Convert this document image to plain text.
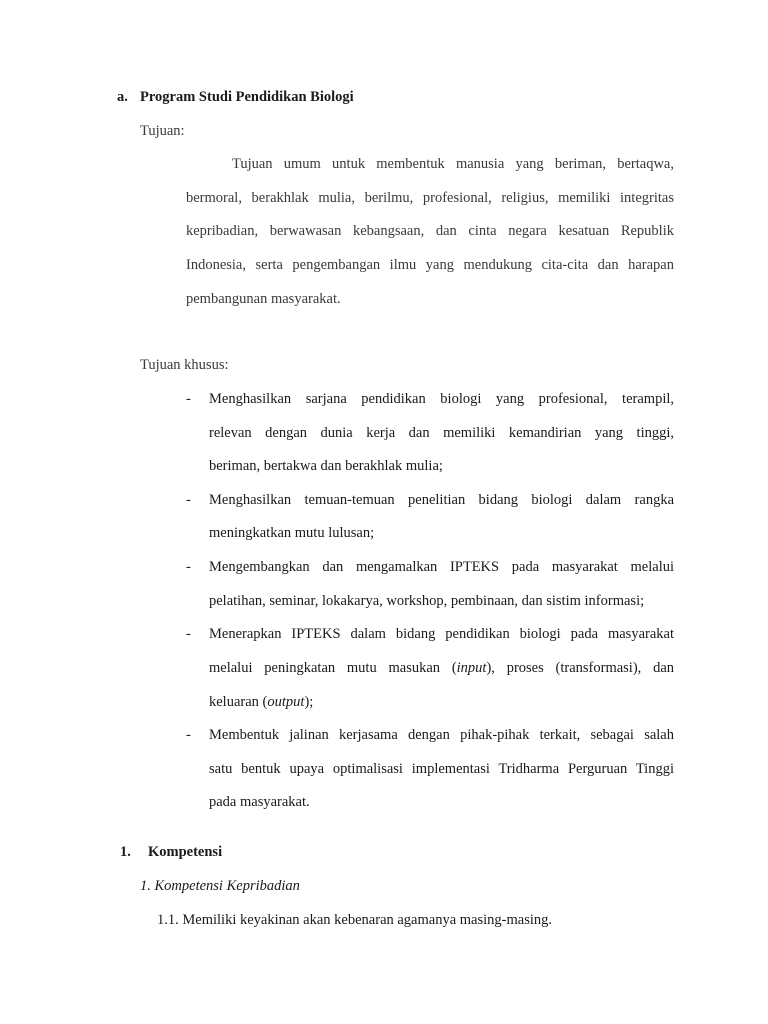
a. Program Studi Pendidikan Biologi
Tujuan:
Tujuan umum untuk membentuk manusia yang beriman, bertaqwa,
bermoral, berakhlak mulia, berilmu, profesional, religius, memiliki integritas
kepribadian, berwawasan kebangsaan, dan cinta negara kesatuan Republik
Indonesia, serta pengembangan ilmu yang mendukung cita-cita dan harapan
pembangunan masyarakat.
Tujuan khusus:
- Menghasilkan sarjana pendidikan biologi yang profesional, terampil,
relevan dengan dunia kerja dan memiliki kemandirian yang tinggi,
beriman, bertakwa dan berakhlak mulia;
- Menghasilkan temuan-temuan penelitian bidang biologi dalam rangka
meningkatkan mutu lulusan;
- Mengembangkan dan mengamalkan IPTEKS pada masyarakat melalui
pelatihan, seminar, lokakarya, workshop, pembinaan, dan sistim informasi;
- Menerapkan IPTEKS dalam bidang pendidikan biologi pada masyarakat
melalui peningkatan mutu masukan (input), proses (transformasi), dan
keluaran (output);
- Membentuk jalinan kerjasama dengan pihak-pihak terkait, sebagai salah
satu bentuk upaya optimalisasi implementasi Tridharma Perguruan Tinggi
pada masyarakat.
1. Kompetensi
1. Kompetensi Kepribadian
1.1. Memiliki keyakinan akan kebenaran agamanya masing-masing.
